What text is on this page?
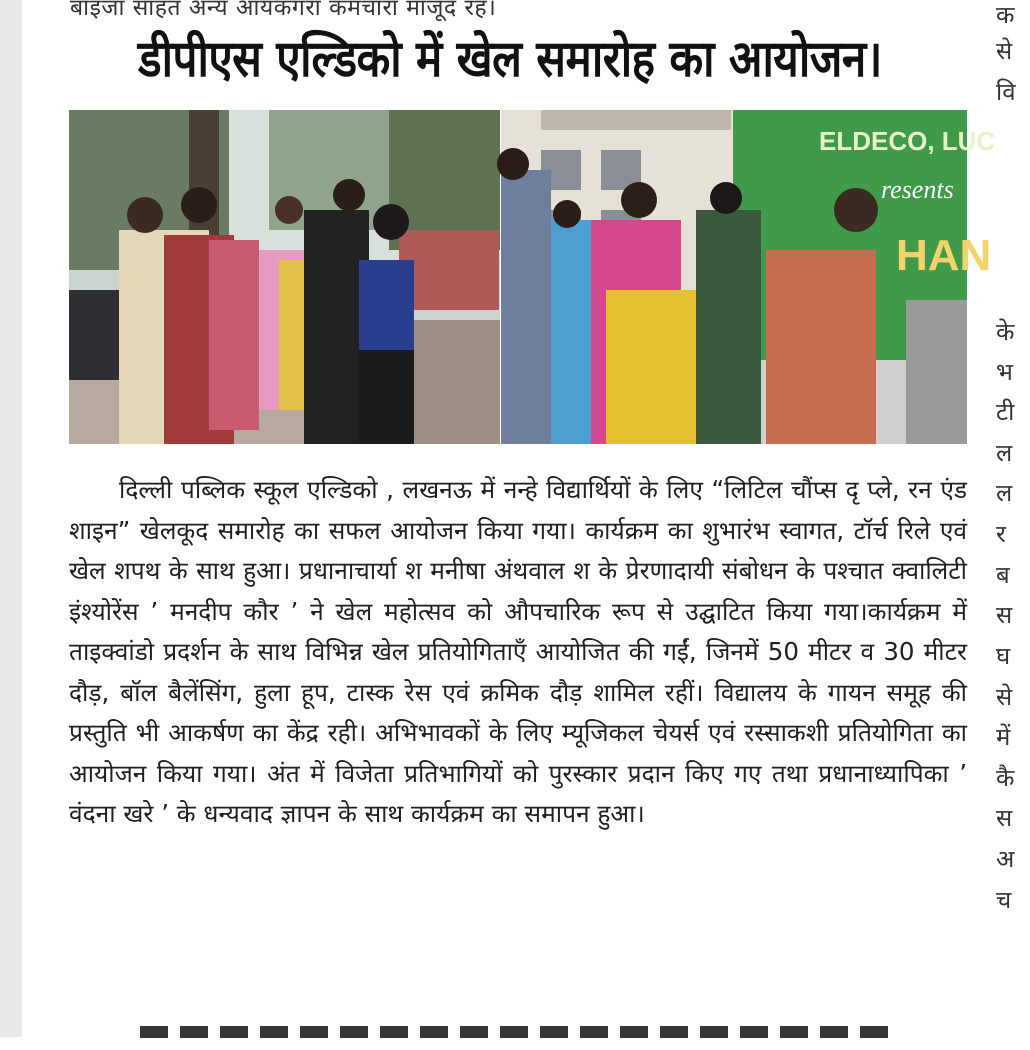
बाइजा साहत अन्य आयकगरा कमचारा माजूद रह।
डीपीएस एल्डिको में खेल समारोह का आयोजन।
ELDECO, LUC
resents
HAN

दिल्ली पब्लिक स्कूल एल्डिको , लखनऊ में नन्हे विद्यार्थियों के लिए “लिटिल चौंप्स दृ प्ले, रन एंड शाइन” खेलकूद समारोह का सफल आयोजन किया गया। कार्यक्रम का शुभारंभ स्वागत, टॉर्च रिले एवं खेल शपथ के साथ हुआ। प्रधानाचार्या श मनीषा अंथवाल श के प्रेरणादायी संबोधन के पश्चात क्वालिटी इंश्योरेंस ’ मनदीप कौर ’ ने खेल महोत्सव को औपचारिक रूप से उद्घाटित किया गया।कार्यक्रम में ताइक्वांडो प्रदर्शन के साथ विभिन्न खेल प्रतियोगिताएँ आयोजित की गईं, जिनमें 50 मीटर व 30 मीटर दौड़, बॉल बैलेंसिंग, हुला हूप, टास्क रेस एवं क्रमिक दौड़ शामिल रहीं। विद्यालय के गायन समूह की प्रस्तुति भी आकर्षण का केंद्र रही। अभिभावकों के लिए म्यूजिकल चेयर्स एवं रस्साकशी प्रतियोगिता का आयोजन किया गया। अंत में विजेता प्रतिभागियों को पुरस्कार प्रदान किए गए तथा प्रधानाध्यापिका ’ वंदना खरे ’ के धन्यवाद ज्ञापन के साथ कार्यक्रम का समापन हुआ।

क
से
वि
के
भ
टी
ल
ल
र
ब
स
घ
से
में
कै
स
अ
च
